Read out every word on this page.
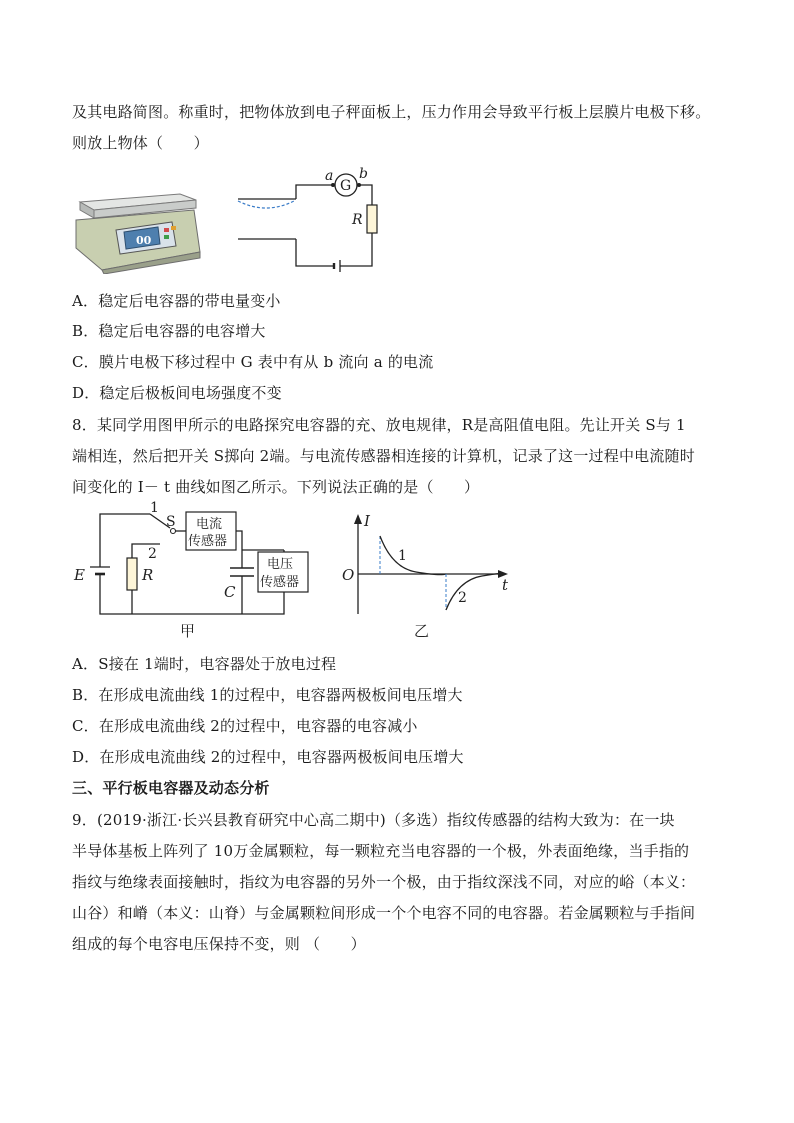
及其电路简图。称重时，把物体放到电子秤面板上，压力作用会导致平行板上层膜片电极下移。
则放上物体（　　）
00
G
a b
R
A．稳定后电容器的带电量变小
B．稳定后电容器的电容增大
C．膜片电极下移过程中 G 表中有从 b 流向 a 的电流
D．稳定后极板间电场强度不变
8．某同学用图甲所示的电路探究电容器的充、放电规律，R是高阻值电阻。先让开关 S与 1
端相连，然后把开关 S掷向 2端。与电流传感器相连接的计算机，记录了这一过程中电流随时
间变化的 I－ t 曲线如图乙所示。下列说法正确的是（　　）
1
S
2
电流
传感器
C
电压
传感器
E	R
甲
I
O
t
1
2
乙
A．S接在 1端时，电容器处于放电过程
B．在形成电流曲线 1的过程中，电容器两极板间电压增大
C．在形成电流曲线 2的过程中，电容器的电容减小
D．在形成电流曲线 2的过程中，电容器两极板间电压增大
三、平行板电容器及动态分析
9．(2019·浙江·长兴县教育研究中心高二期中)（多选）指纹传感器的结构大致为：在一块
半导体基板上阵列了 10万金属颗粒，每一颗粒充当电容器的一个极，外表面绝缘，当手指的
指纹与绝缘表面接触时，指纹为电容器的另外一个极，由于指纹深浅不同，对应的峪（本义：
山谷）和嵴（本义：山脊）与金属颗粒间形成一个个电容不同的电容器。若金属颗粒与手指间
组成的每个电容电压保持不变，则 （　　）
